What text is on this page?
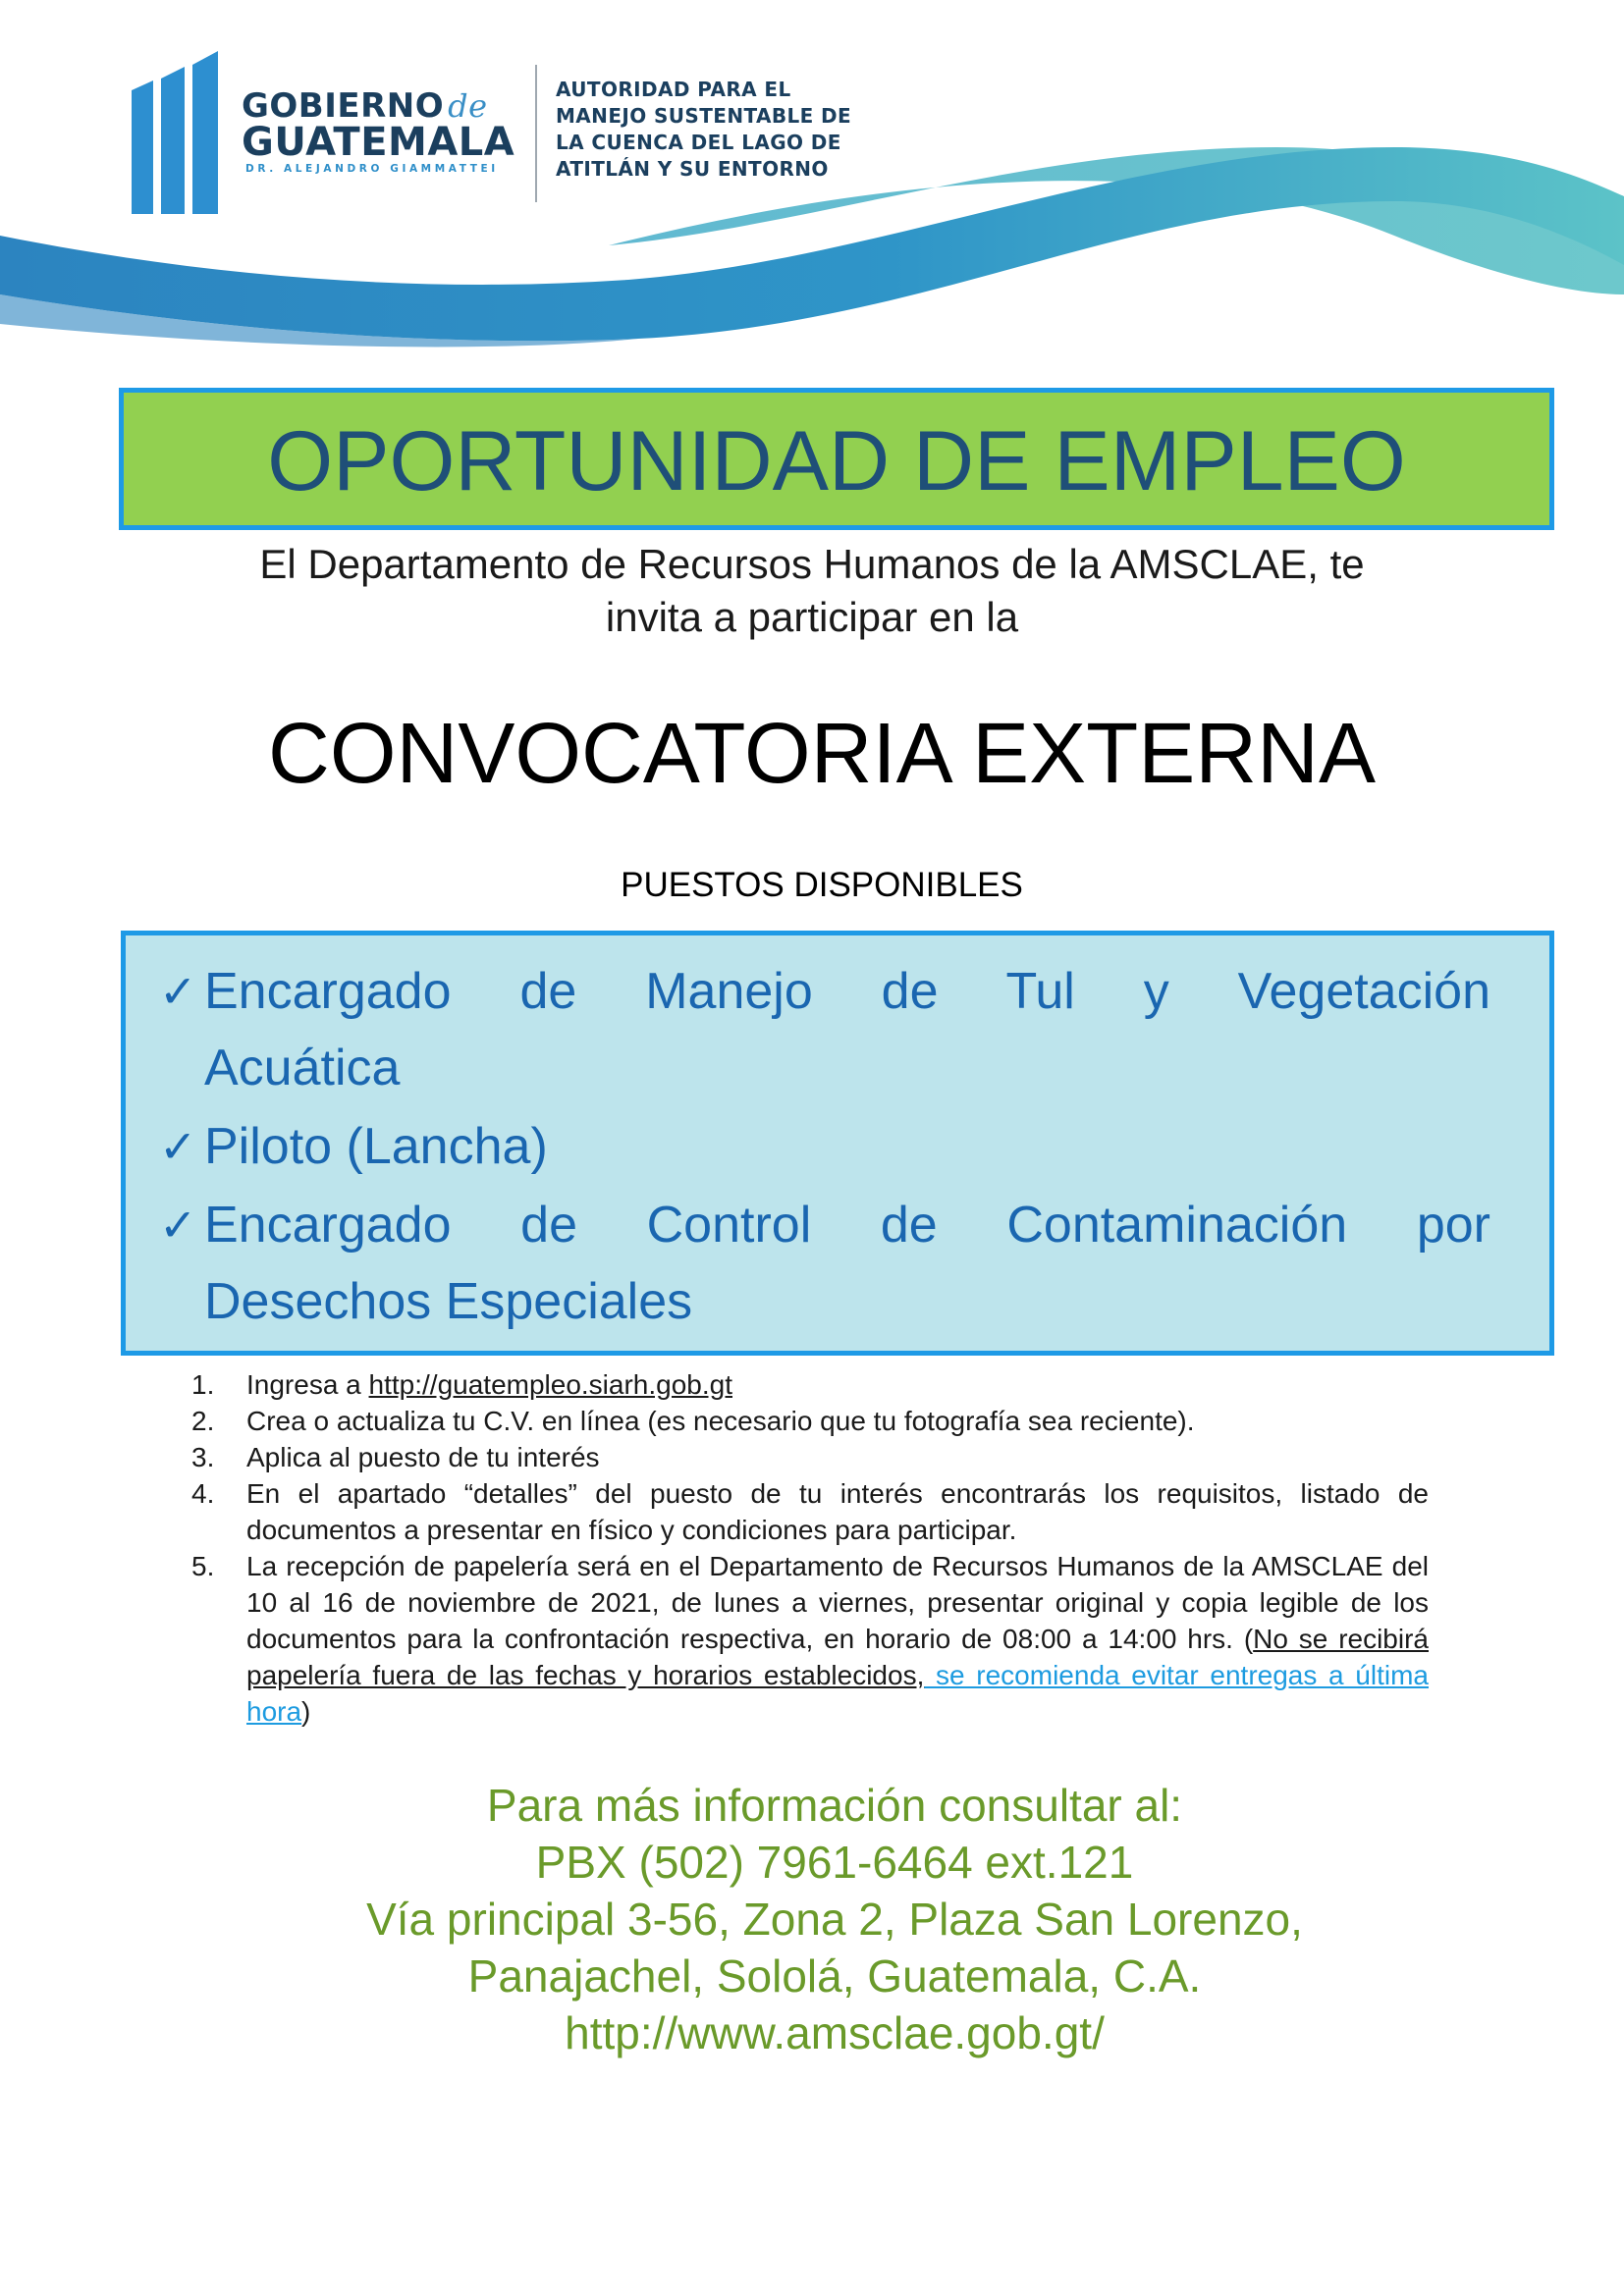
GOBIERNO de
GUATEMALA
DR. ALEJANDRO GIAMMATTEI
AUTORIDAD PARA EL
MANEJO SUSTENTABLE DE
LA CUENCA DEL LAGO DE
ATITLÁN Y SU ENTORNO
OPORTUNIDAD DE EMPLEO
El Departamento de Recursos Humanos de la AMSCLAE, te
invita a participar en la
CONVOCATORIA EXTERNA
PUESTOS DISPONIBLES
✓ Encargado de Manejo de Tul y Vegetación
Acuática
✓ Piloto (Lancha)
✓ Encargado de Control de Contaminación por
Desechos Especiales
1. Ingresa a http://guatempleo.siarh.gob.gt
2. Crea o actualiza tu C.V. en línea (es necesario que tu fotografía sea reciente).
3. Aplica al puesto de tu interés
4. En el apartado “detalles” del puesto de tu interés encontrarás los requisitos, listado de documentos a presentar en físico y condiciones para participar.
5. La recepción de papelería será en el Departamento de Recursos Humanos de la AMSCLAE del 10 al 16 de noviembre de 2021, de lunes a viernes, presentar original y copia legible de los documentos para la confrontación respectiva, en horario de 08:00 a 14:00 hrs. (No se recibirá papelería fuera de las fechas y horarios establecidos, se recomienda evitar entregas a última hora)
Para más información consultar al:
PBX (502) 7961-6464 ext.121
Vía principal 3-56, Zona 2, Plaza San Lorenzo,
Panajachel, Sololá, Guatemala, C.A.
http://www.amsclae.gob.gt/
